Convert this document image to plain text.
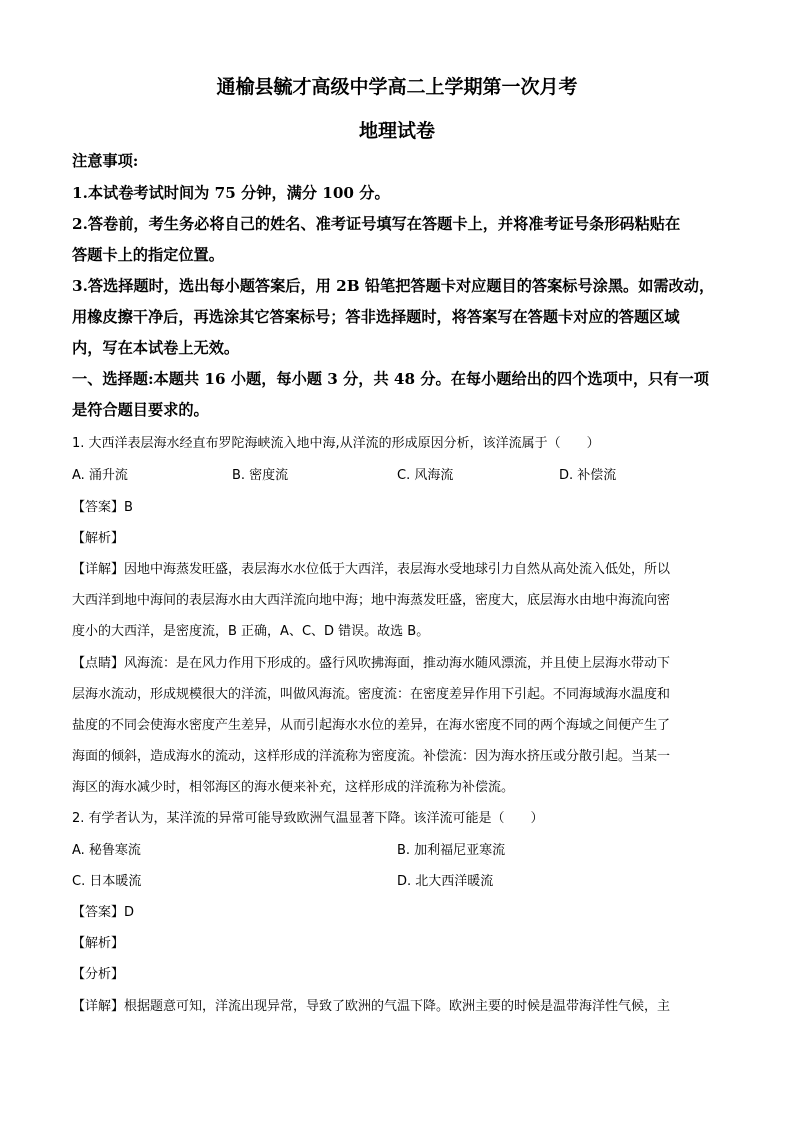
通榆县毓才高级中学高二上学期第一次月考
地理试卷
注意事项:
1.本试卷考试时间为 75 分钟，满分 100 分。
2.答卷前，考生务必将自己的姓名、准考证号填写在答题卡上，并将准考证号条形码粘贴在
答题卡上的指定位置。
3.答选择题时，选出每小题答案后，用 2B 铅笔把答题卡对应题目的答案标号涂黑。如需改动，
用橡皮擦干净后，再选涂其它答案标号；答非选择题时，将答案写在答题卡对应的答题区域
内，写在本试卷上无效。
一、选择题:本题共 16 小题，每小题 3 分，共 48 分。在每小题给出的四个选项中，只有一项
是符合题目要求的。
1. 大西洋表层海水经直布罗陀海峡流入地中海,从洋流的形成原因分析，该洋流属于（　　）
A. 涌升流	B. 密度流	C. 风海流	D. 补偿流
【答案】B
【解析】
【详解】因地中海蒸发旺盛，表层海水水位低于大西洋，表层海水受地球引力自然从高处流入低处，所以
大西洋到地中海间的表层海水由大西洋流向地中海；地中海蒸发旺盛，密度大，底层海水由地中海流向密
度小的大西洋，是密度流，B 正确，A、C、D 错误。故选 B。
【点睛】风海流：是在风力作用下形成的。盛行风吹拂海面，推动海水随风漂流，并且使上层海水带动下
层海水流动，形成规模很大的洋流，叫做风海流。密度流：在密度差异作用下引起。不同海域海水温度和
盐度的不同会使海水密度产生差异，从而引起海水水位的差异，在海水密度不同的两个海域之间便产生了
海面的倾斜，造成海水的流动，这样形成的洋流称为密度流。补偿流：因为海水挤压或分散引起。当某一
海区的海水减少时，相邻海区的海水便来补充，这样形成的洋流称为补偿流。
2. 有学者认为，某洋流的异常可能导致欧洲气温显著下降。该洋流可能是（　　）
A. 秘鲁寒流	B. 加利福尼亚寒流
C. 日本暖流	D. 北大西洋暖流
【答案】D
【解析】
【分析】
【详解】根据题意可知，洋流出现异常，导致了欧洲的气温下降。欧洲主要的时候是温带海洋性气候，主
